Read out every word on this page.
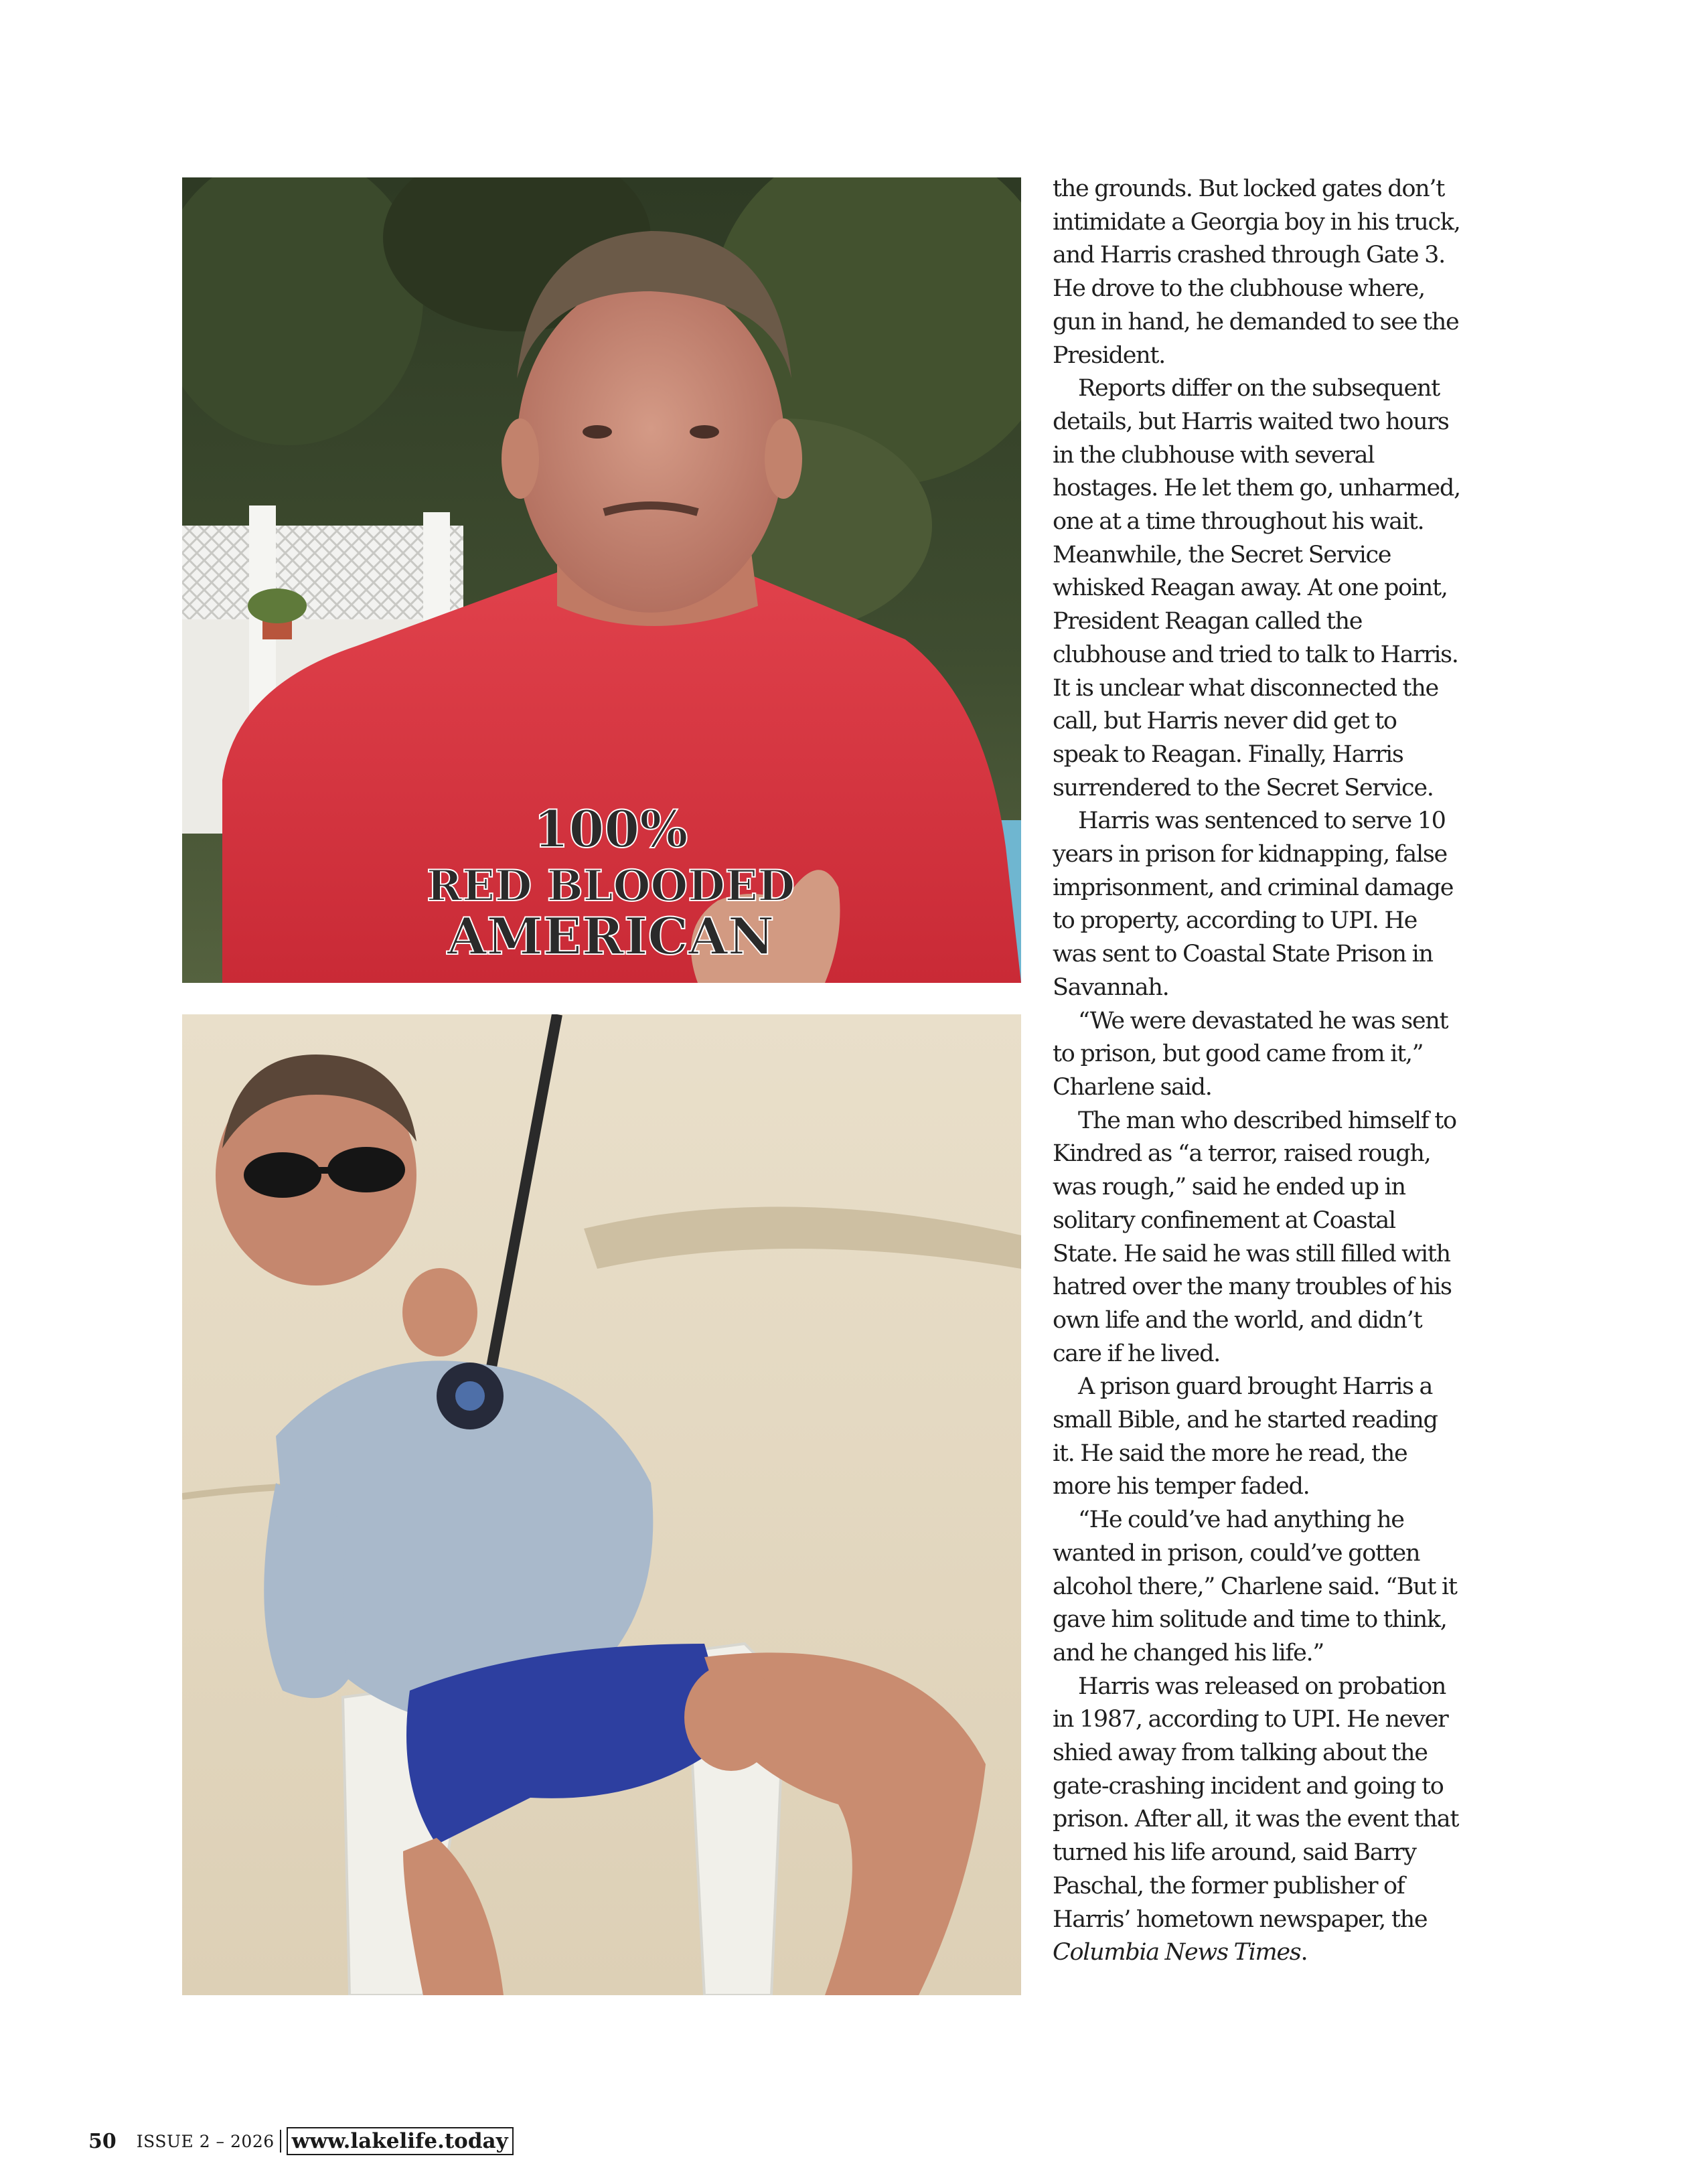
100%
RED BLOODED
AMERICAN

the grounds. But locked gates don’t intimidate a Georgia boy in his truck, and Harris crashed through Gate 3. He drove to the clubhouse where, gun in hand, he demanded to see the President.

Reports differ on the subsequent details, but Harris waited two hours in the clubhouse with several hostages. He let them go, unharmed, one at a time throughout his wait. Meanwhile, the Secret Service whisked Reagan away. At one point, President Reagan called the clubhouse and tried to talk to Harris. It is unclear what disconnected the call, but Harris never did get to speak to Reagan. Finally, Harris surrendered to the Secret Service.

Harris was sentenced to serve 10 years in prison for kidnapping, false imprisonment, and criminal damage to property, according to UPI. He was sent to Coastal State Prison in Savannah.

“We were devastated he was sent to prison, but good came from it,” Charlene said.

The man who described himself to Kindred as “a terror, raised rough, was rough,” said he ended up in solitary confinement at Coastal State. He said he was still filled with hatred over the many troubles of his own life and the world, and didn’t care if he lived.

A prison guard brought Harris a small Bible, and he started reading it. He said the more he read, the more his temper faded.

“He could’ve had anything he wanted in prison, could’ve gotten alcohol there,” Charlene said. “But it gave him solitude and time to think, and he changed his life.”

Harris was released on probation in 1987, according to UPI. He never shied away from talking about the gate-crashing incident and going to prison. After all, it was the event that turned his life around, said Barry Paschal, the former publisher of Harris’ hometown newspaper, the Columbia News Times.

50 ISSUE 2 – 2026 www.lakelife.today
